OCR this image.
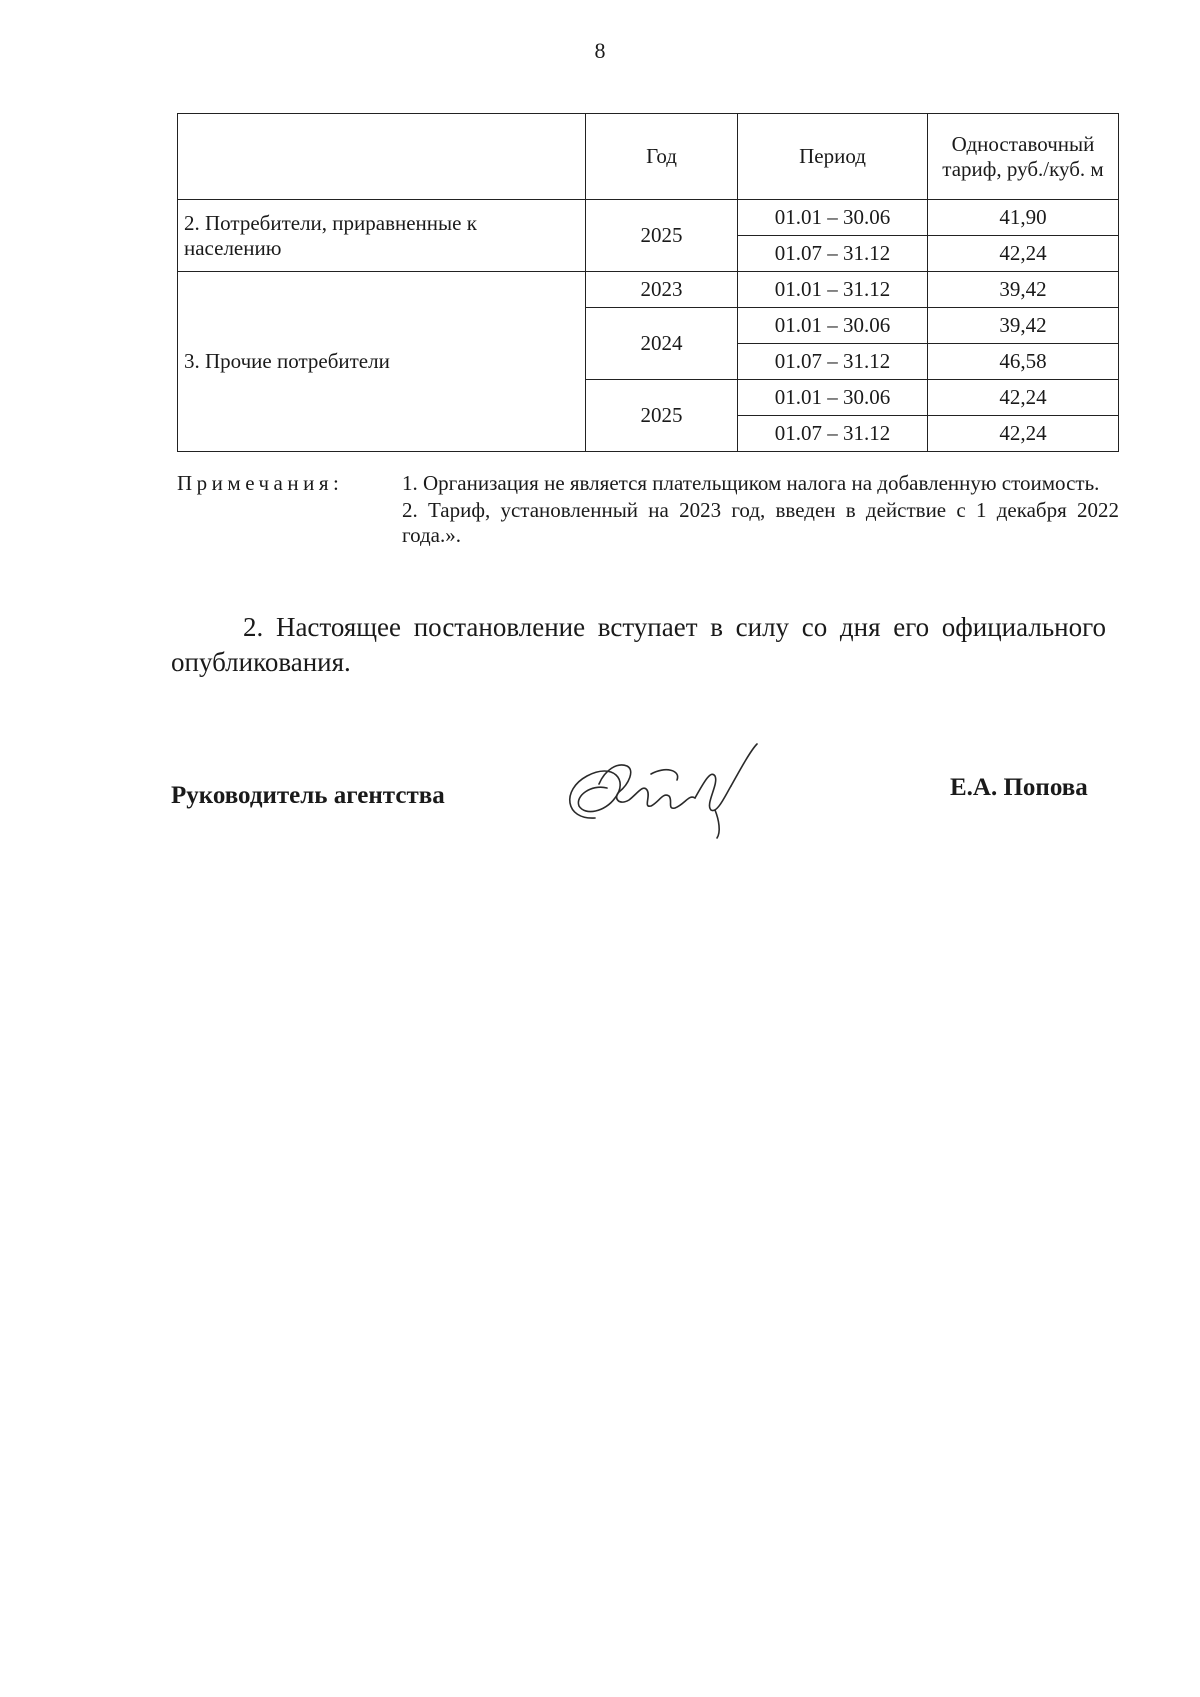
8
	Год	Период	Одноставочный тариф, руб./куб. м

2. Потребители, приравненные к населению	2025	01.01 – 30.06	41,90
		01.07 – 31.12	42,24

3. Прочие потребители	2023	01.01 – 31.12	39,42
	2024	01.01 – 30.06	39,42
		01.07 – 31.12	46,58
	2025	01.01 – 30.06	42,24
		01.07 – 31.12	42,24
Примечания:	1. Организация не является плательщиком налога на добавленную стоимость.
2. Тариф, установленный на 2023 год, введен в действие с 1 декабря 2022 года.».
2. Настоящее постановление вступает в силу со дня его официального опубликования.
Руководитель агентства	Е.А. Попова
